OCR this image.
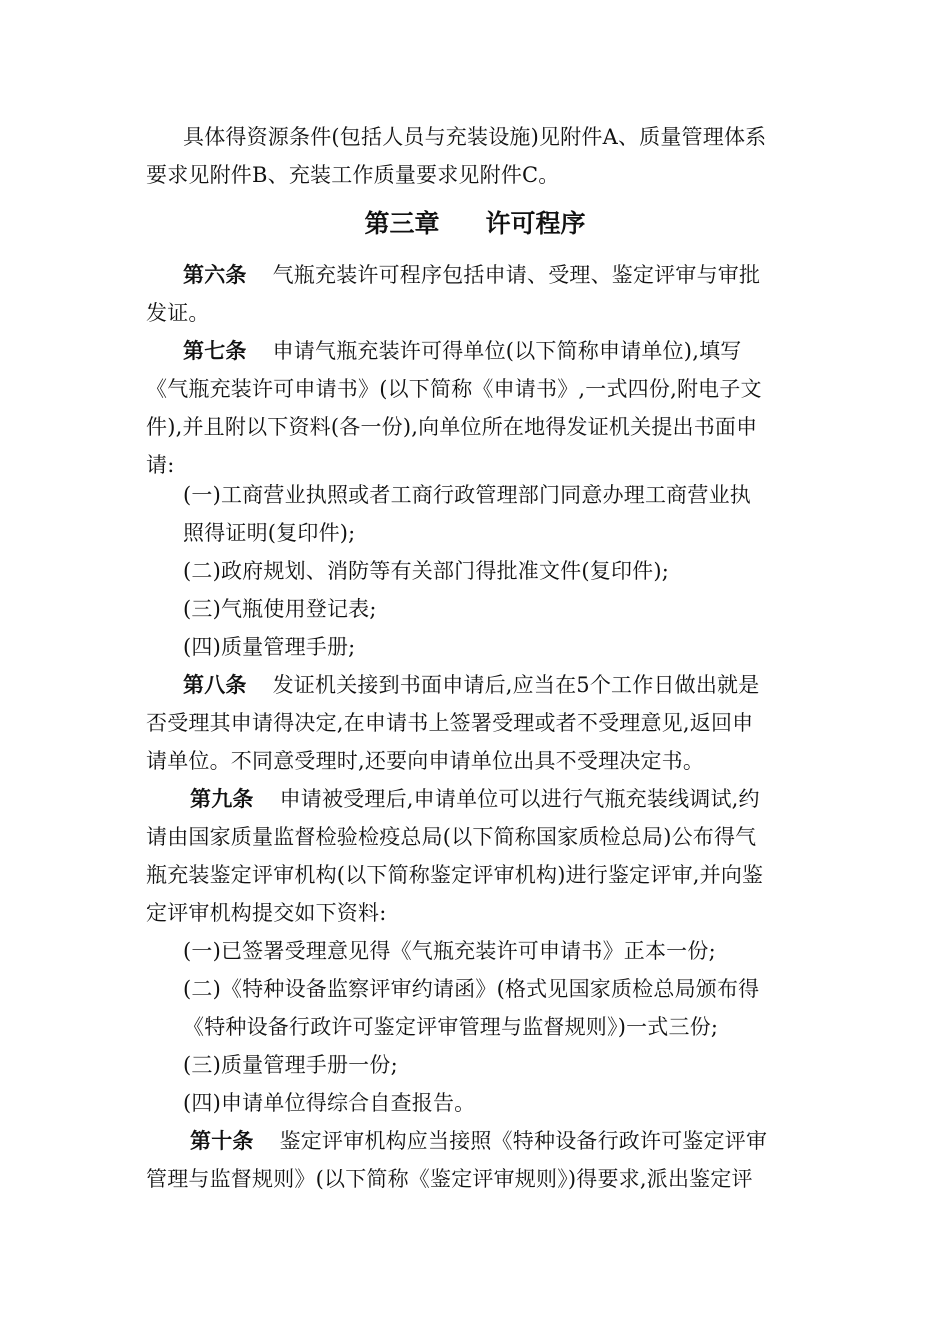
具体得资源条件(包括人员与充装设施)见附件A、质量管理体系
要求见附件B、充装工作质量要求见附件C。
第三章 许可程序
第六条 气瓶充装许可程序包括申请、受理、鉴定评审与审批
发证。
第七条 申请气瓶充装许可得单位(以下简称申请单位),填写
《气瓶充装许可申请书》(以下简称《申请书》,一式四份,附电子文
件),并且附以下资料(各一份),向单位所在地得发证机关提出书面申
请:
(一)工商营业执照或者工商行政管理部门同意办理工商营业执
照得证明(复印件);
(二)政府规划、消防等有关部门得批准文件(复印件);
(三)气瓶使用登记表;
(四)质量管理手册;
第八条 发证机关接到书面申请后,应当在5个工作日做出就是
否受理其申请得决定,在申请书上签署受理或者不受理意见,返回申
请单位。不同意受理时,还要向申请单位出具不受理决定书。
第九条 申请被受理后,申请单位可以进行气瓶充装线调试,约
请由国家质量监督检验检疫总局(以下简称国家质检总局)公布得气
瓶充装鉴定评审机构(以下简称鉴定评审机构)进行鉴定评审,并向鉴
定评审机构提交如下资料:
(一)已签署受理意见得《气瓶充装许可申请书》正本一份;
(二)《特种设备监察评审约请函》(格式见国家质检总局颁布得
《特种设备行政许可鉴定评审管理与监督规则》)一式三份;
(三)质量管理手册一份;
(四)申请单位得综合自查报告。
第十条 鉴定评审机构应当接照《特种设备行政许可鉴定评审
管理与监督规则》(以下简称《鉴定评审规则》)得要求,派出鉴定评
